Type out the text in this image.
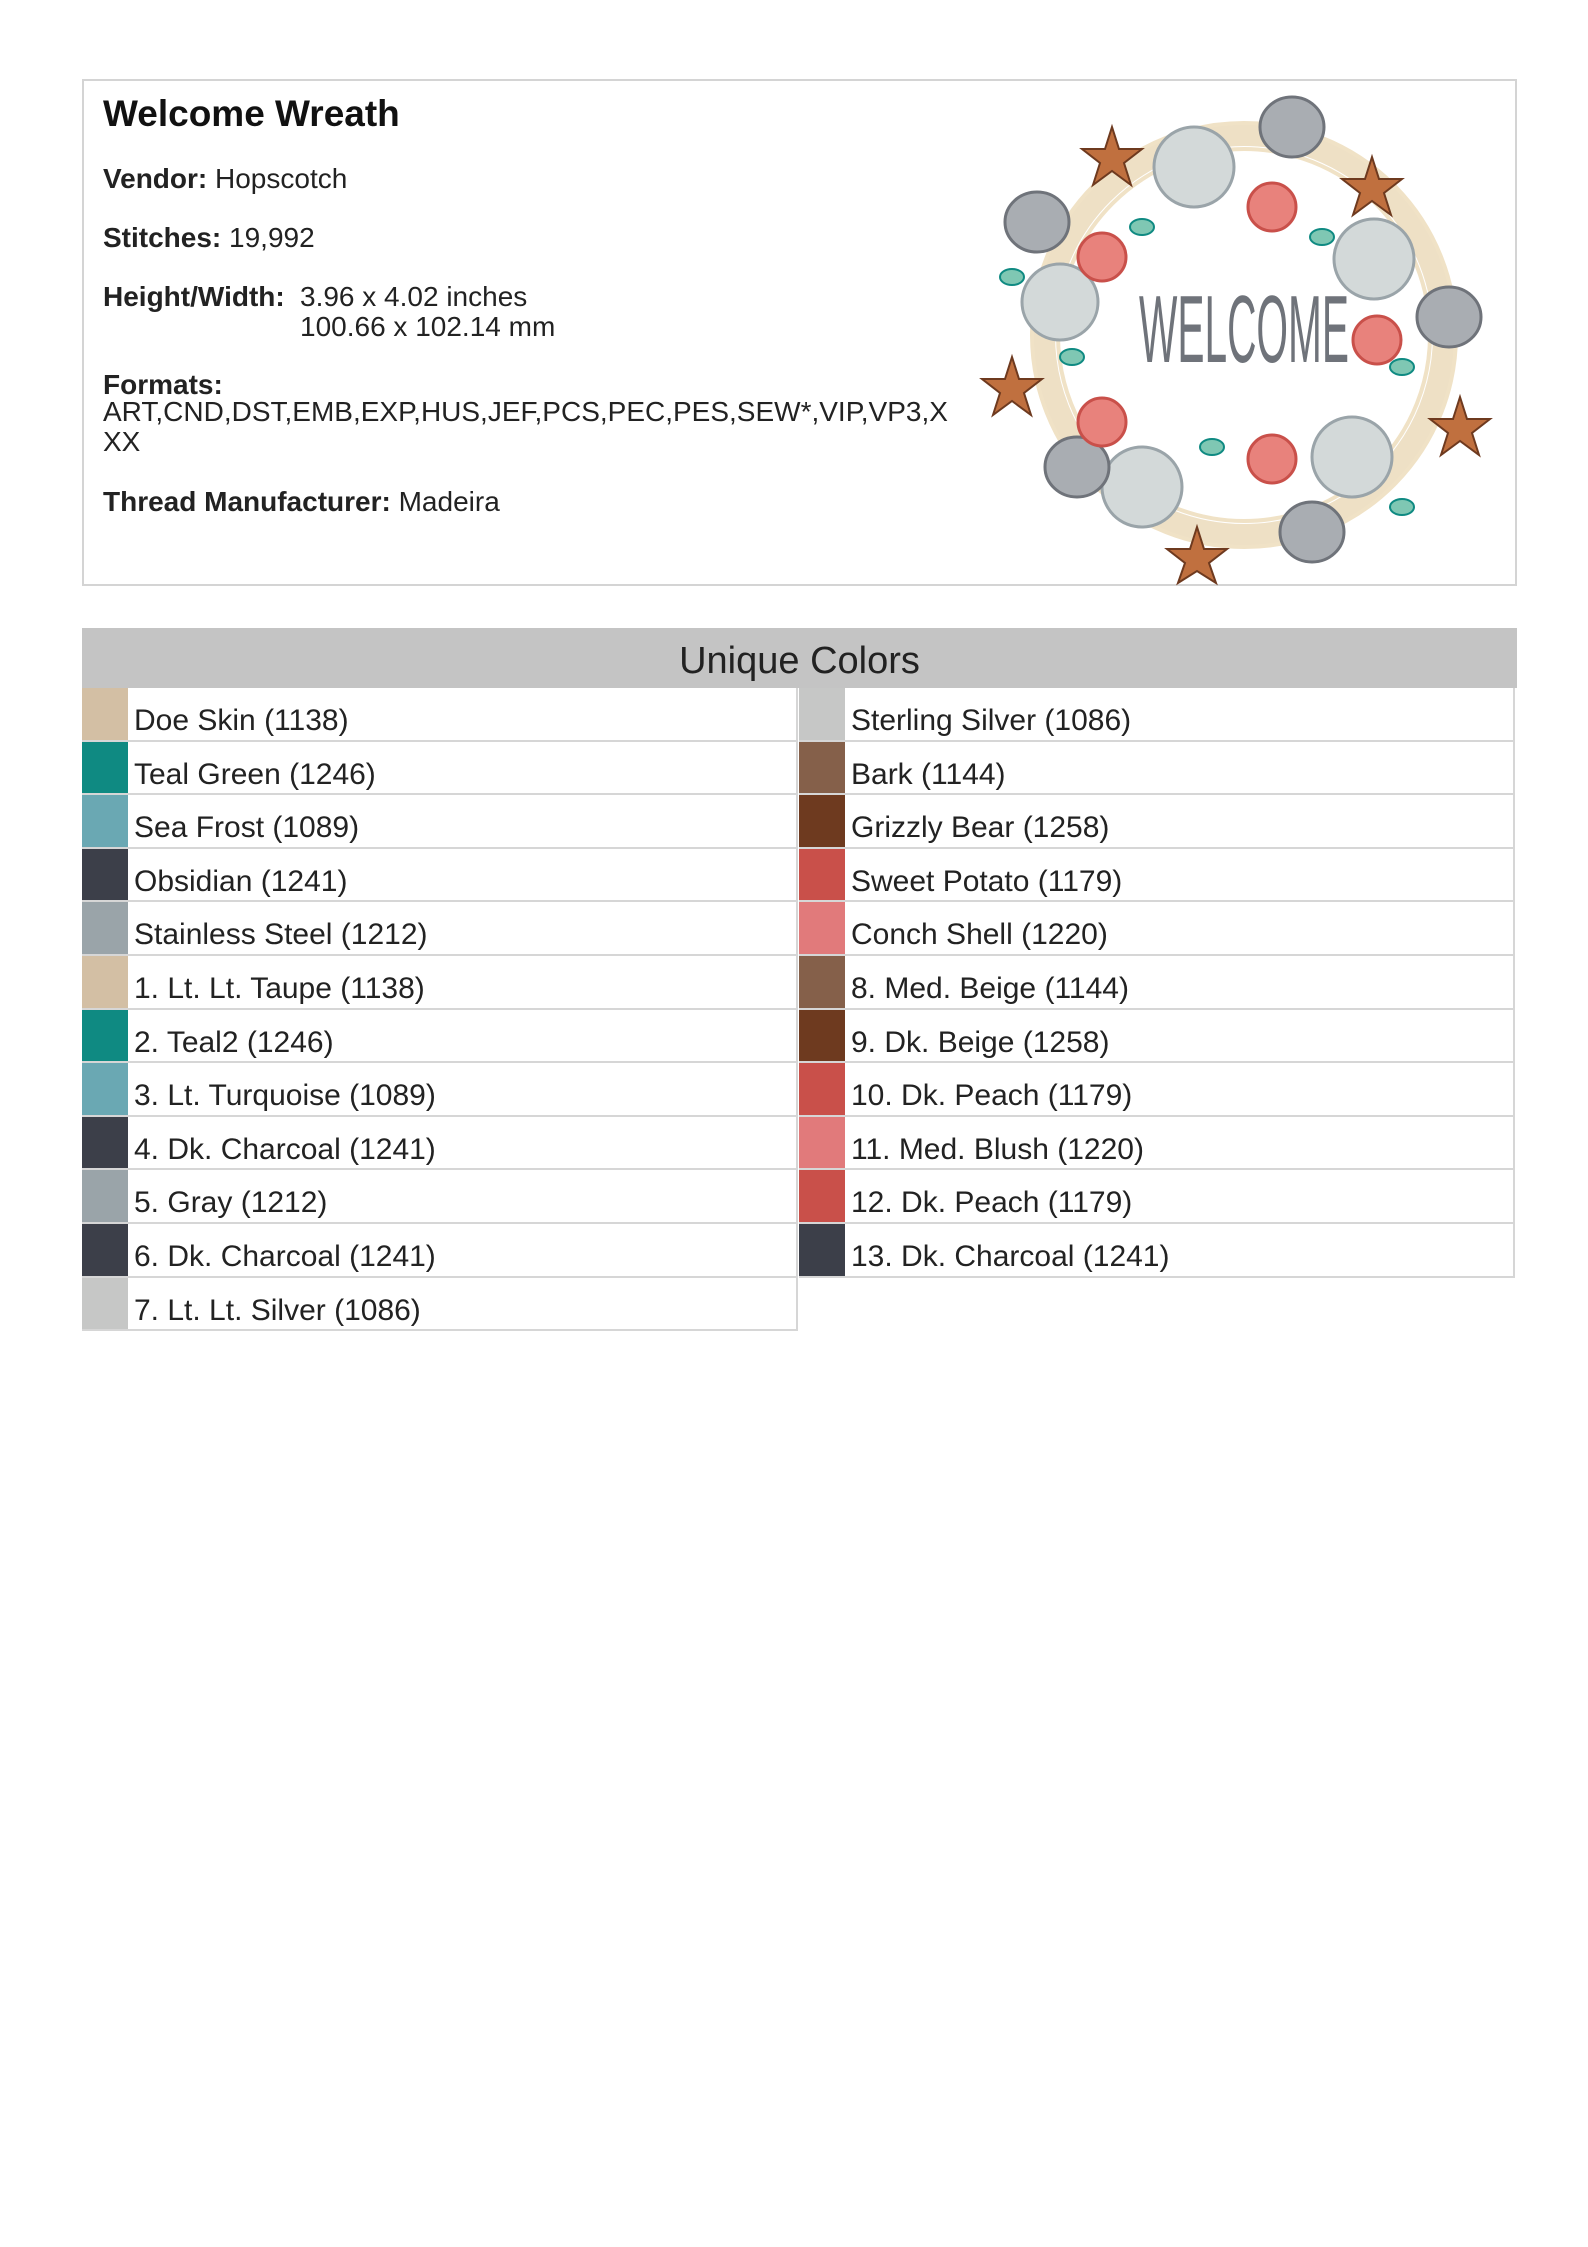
Welcome Wreath
Vendor: Hopscotch
Stitches: 19,992
Height/Width: 3.96 x 4.02 inches
100.66 x 102.14 mm
Formats:
ART,CND,DST,EMB,EXP,HUS,JEF,PCS,PEC,PES,SEW*,VIP,VP3,XXX
Thread Manufacturer: Madeira
WELCOME
Unique Colors
Doe Skin (1138)
Teal Green (1246)
Sea Frost (1089)
Obsidian (1241)
Stainless Steel (1212)
1. Lt. Lt. Taupe (1138)
2. Teal2 (1246)
3. Lt. Turquoise (1089)
4. Dk. Charcoal (1241)
5. Gray (1212)
6. Dk. Charcoal (1241)
7. Lt. Lt. Silver (1086)
Sterling Silver (1086)
Bark (1144)
Grizzly Bear (1258)
Sweet Potato (1179)
Conch Shell (1220)
8. Med. Beige (1144)
9. Dk. Beige (1258)
10. Dk. Peach (1179)
11. Med. Blush (1220)
12. Dk. Peach (1179)
13. Dk. Charcoal (1241)
